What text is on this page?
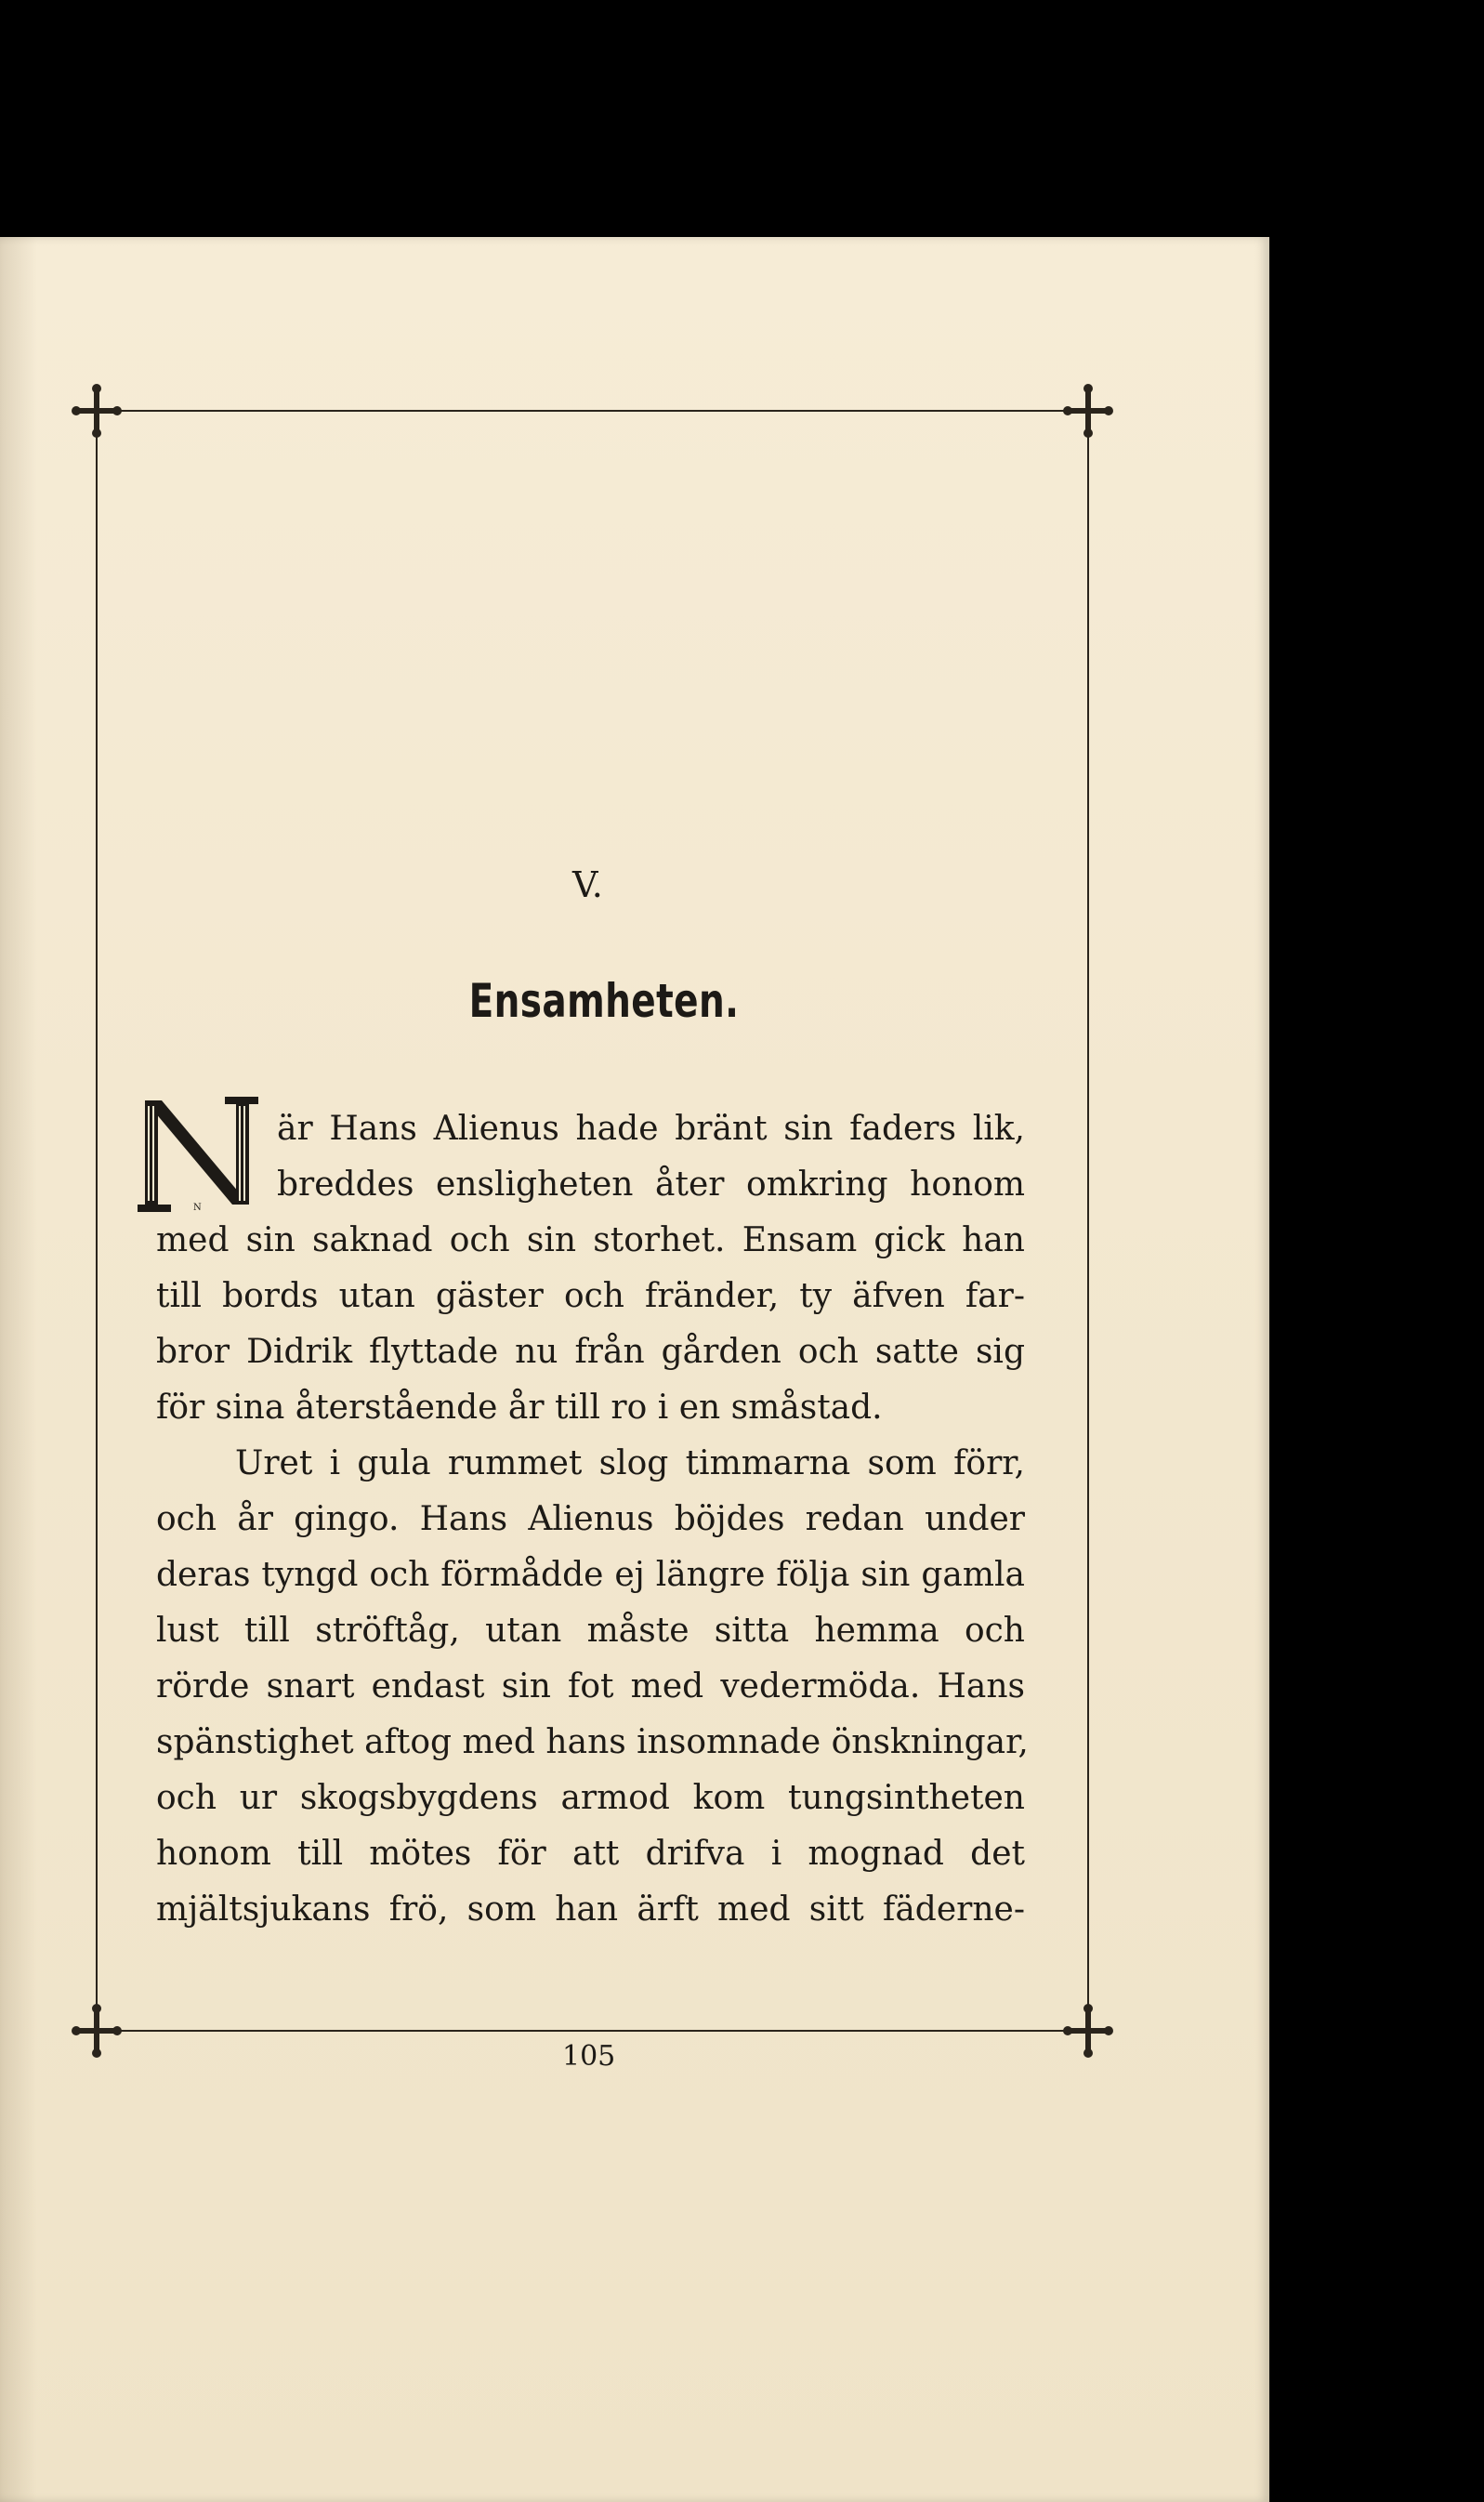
V.
Ensamheten.
N
är Hans Alienus hade bränt sin faders lik,
breddes ensligheten åter omkring honom
med sin saknad och sin storhet. Ensam gick han
till bords utan gäster och fränder, ty äfven far-
bror Didrik flyttade nu från gården och satte sig
för sina återstående år till ro i en småstad.
Uret i gula rummet slog timmarna som förr,
och år gingo. Hans Alienus böjdes redan under
deras tyngd och förmådde ej längre följa sin gamla
lust till ströftåg, utan måste sitta hemma och
rörde snart endast sin fot med vedermöda. Hans
spänstighet aftog med hans insomnade önskningar,
och ur skogsbygdens armod kom tungsintheten
honom till mötes för att drifva i mognad det
mjältsjukans frö, som han ärft med sitt fäderne-
105
